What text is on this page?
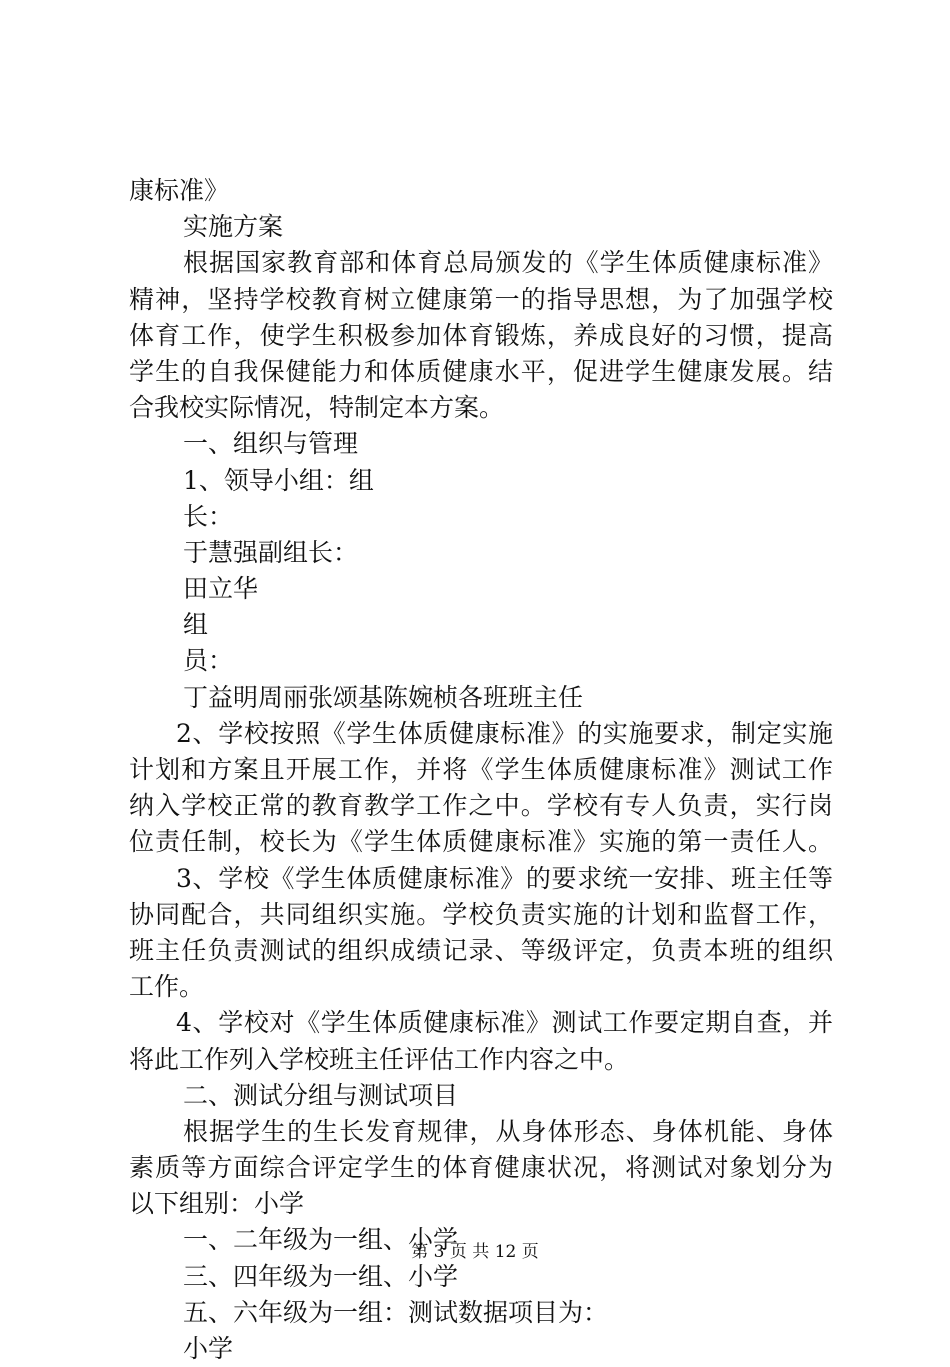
康标准》
实施方案
根据国家教育部和体育总局颁发的《学生体质健康标准》
精神，坚持学校教育树立健康第一的指导思想，为了加强学校
体育工作，使学生积极参加体育锻炼，养成良好的习惯，提高
学生的自我保健能力和体质健康水平，促进学生健康发展。结
合我校实际情况，特制定本方案。
一、组织与管理
1、领导小组：组
长：
于慧强副组长：
田立华
组
员：
丁益明周丽张颂基陈婉桢各班班主任
2、学校按照《学生体质健康标准》的实施要求，制定实施
计划和方案且开展工作，并将《学生体质健康标准》测试工作
纳入学校正常的教育教学工作之中。学校有专人负责，实行岗
位责任制，校长为《学生体质健康标准》实施的第一责任人。
3、学校《学生体质健康标准》的要求统一安排、班主任等
协同配合，共同组织实施。学校负责实施的计划和监督工作，
班主任负责测试的组织成绩记录、等级评定，负责本班的组织
工作。
4、学校对《学生体质健康标准》测试工作要定期自查，并
将此工作列入学校班主任评估工作内容之中。
二、测试分组与测试项目
根据学生的生长发育规律，从身体形态、身体机能、身体
素质等方面综合评定学生的体育健康状况，将测试对象划分为
以下组别：小学
一、二年级为一组、小学
三、四年级为一组、小学
五、六年级为一组：测试数据项目为：
小学
第 3 页 共 12 页
